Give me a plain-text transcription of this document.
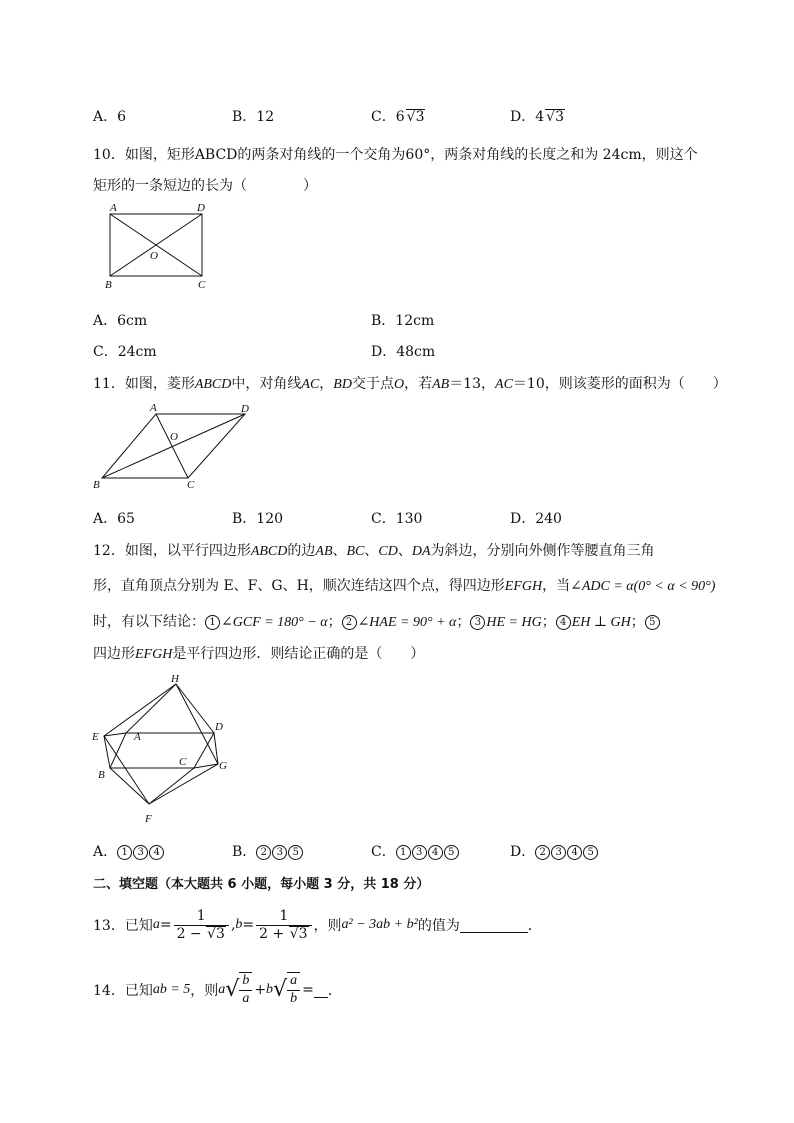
A．6	B．12	C．6 √3	D．4 √3
10．如图，矩形ABCD的两条对角线的一个交角为60°，两条对角线的长度之和为 24cm，则这个
矩形的一条短边的长为（　　　　）
A	D
O
B	C
A．6cm	B．12cm
C．24cm	D．48cm
11．如图，菱形ABCD中，对角线AC，BD交于点O，若AB＝13，AC＝10，则该菱形的面积为（　　）
A	D
O
B	C
A．65	B．120	C．130	D．240
12．如图，以平行四边形ABCD的边AB、BC、CD、DA为斜边，分别向外侧作等腰直角三角
形，直角顶点分别为 E、F、G、H，顺次连结这四个点，得四边形EFGH，当∠ADC = α(0° < α < 90°)
时，有以下结论： 1 ∠GCF = 180° − α； 2 ∠HAE = 90° + α； 3 HE = HG； 4 EH ⊥ GH； 5
四边形EFGH是平行四边形．则结论正确的是（　　）
H
D
E	A
C	G
B
F
A． 1 3 4	B． 2 3 5	C． 1 3 4 5	D． 2 3 4 5
二、填空题（本大题共 6 小题，每小题 3 分，共 18 分）
13．已知 $a = \frac{1}{2 - √3}$ , $b = \frac{1}{2 + √3}$ ，则 a² − 3ab + b² 的值为	．
14．已知 ab = 5 ，则 a √ $\frac{b}{a} + b$ √ $\frac{a}{b}$ = ．
